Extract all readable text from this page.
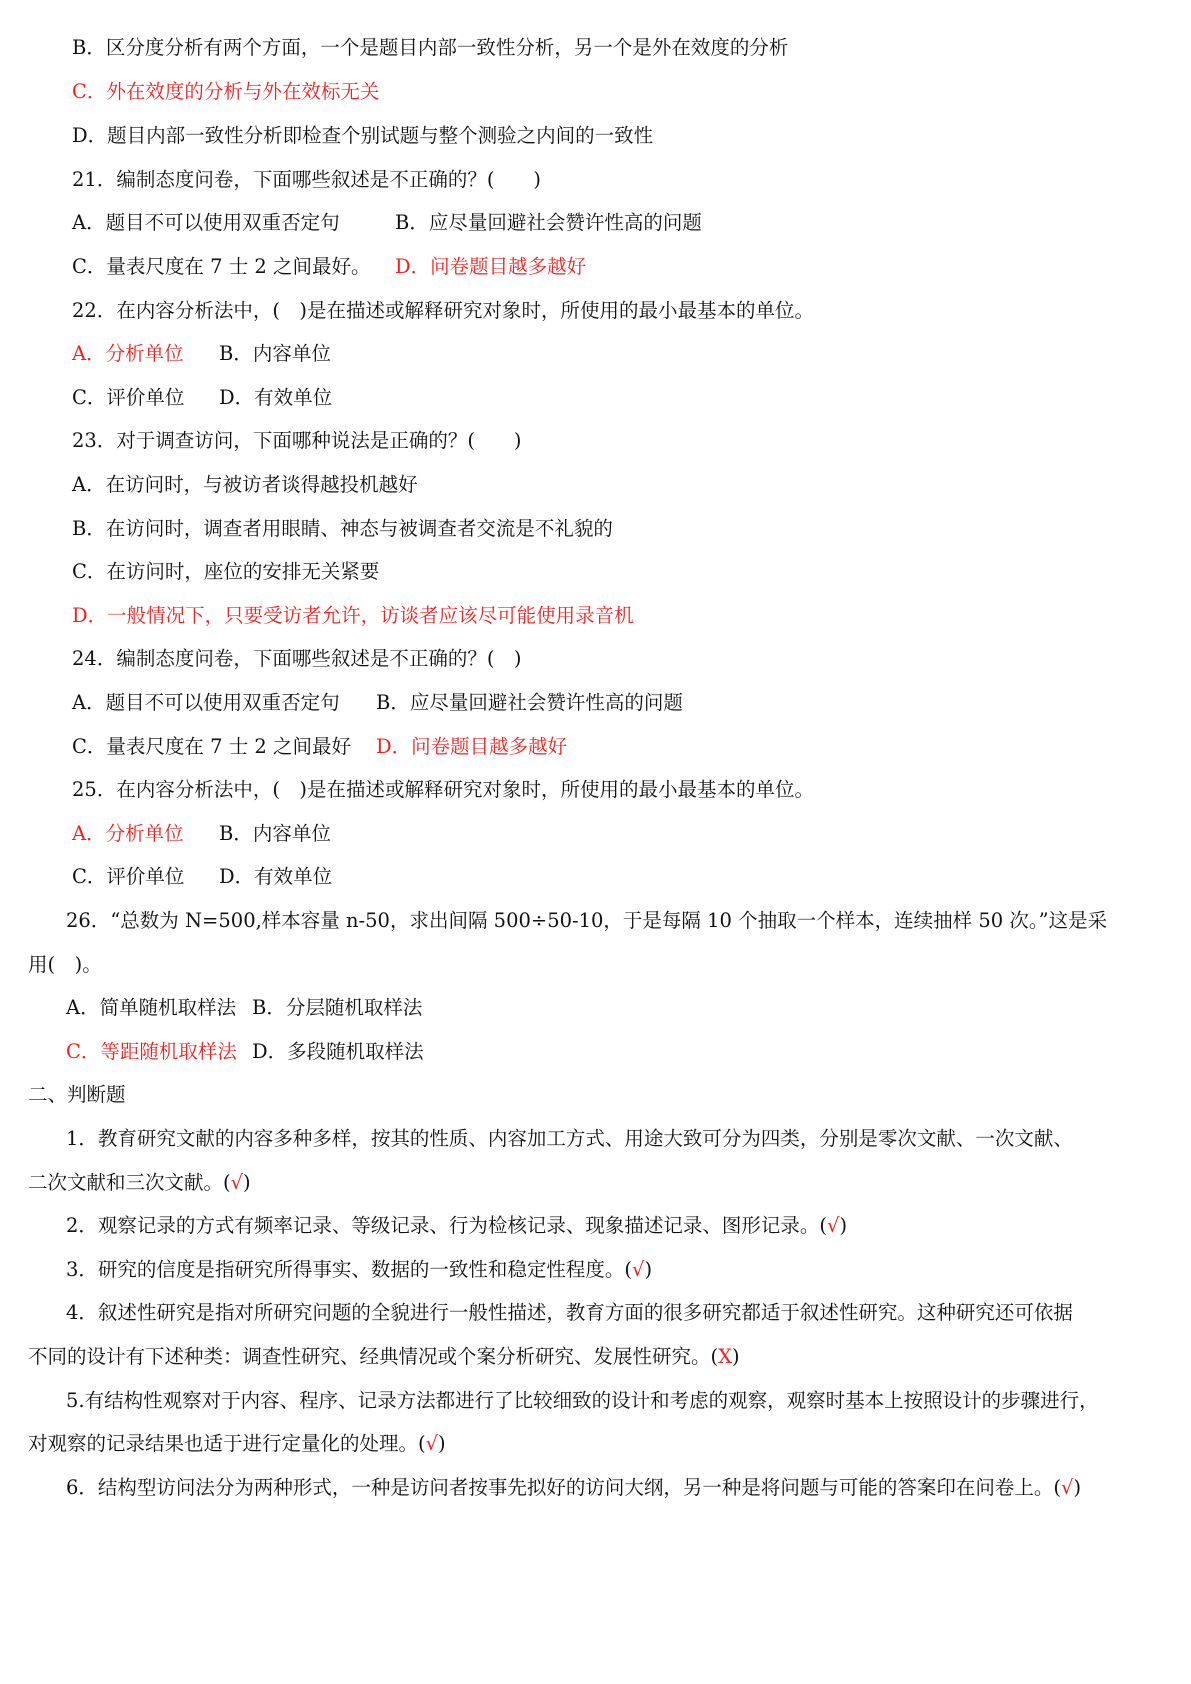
B．区分度分析有两个方面，一个是题目内部一致性分析，另一个是外在效度的分析
C．外在效度的分析与外在效标无关
D．题目内部一致性分析即检查个别试题与整个测验之内间的一致性
21．编制态度问卷，下面哪些叙述是不正确的？(　　)
A．题目不可以使用双重否定句	B．应尽量回避社会赞许性高的问题
C．量表尺度在 7 士 2 之间最好。 D．问卷题目越多越好
22．在内容分析法中，(　)是在描述或解释研究对象时，所使用的最小最基本的单位。
A．分析单位 B．内容单位
C．评价单位 D．有效单位
23．对于调查访问，下面哪种说法是正确的？(　　)
A．在访问时，与被访者谈得越投机越好
B．在访问时，调查者用眼睛、神态与被调查者交流是不礼貌的
C．在访问时，座位的安排无关紧要
D．一般情况下，只要受访者允许，访谈者应该尽可能使用录音机
24．编制态度问卷，下面哪些叙述是不正确的？(　)
A．题目不可以使用双重否定句 B．应尽量回避社会赞许性高的问题
C．量表尺度在 7 士 2 之间最好 D．问卷题目越多越好
25．在内容分析法中，(　)是在描述或解释研究对象时，所使用的最小最基本的单位。
A．分析单位 B．内容单位
C．评价单位 D．有效单位
26．“总数为 N=500,样本容量 n-50，求出间隔 500÷50-10，于是每隔 10 个抽取一个样本，连续抽样 50 次。”这是采
用(　)。
A．简单随机取样法 B．分层随机取样法
C．等距随机取样法 D．多段随机取样法
二、判断题
1．教育研究文献的内容多种多样，按其的性质、内容加工方式、用途大致可分为四类，分别是零次文献、一次文献、
二次文献和三次文献。(√)
2．观察记录的方式有频率记录、等级记录、行为检核记录、现象描述记录、图形记录。(√)
3．研究的信度是指研究所得事实、数据的一致性和稳定性程度。(√)
4．叙述性研究是指对所研究问题的全貌进行一般性描述，教育方面的很多研究都适于叙述性研究。这种研究还可依据
不同的设计有下述种类：调查性研究、经典情况或个案分析研究、发展性研究。(X)
5.有结构性观察对于内容、程序、记录方法都进行了比较细致的设计和考虑的观察，观察时基本上按照设计的步骤进行，
对观察的记录结果也适于进行定量化的处理。(√)
6．结构型访问法分为两种形式，一种是访问者按事先拟好的访问大纲，另一种是将问题与可能的答案印在问卷上。(√)
